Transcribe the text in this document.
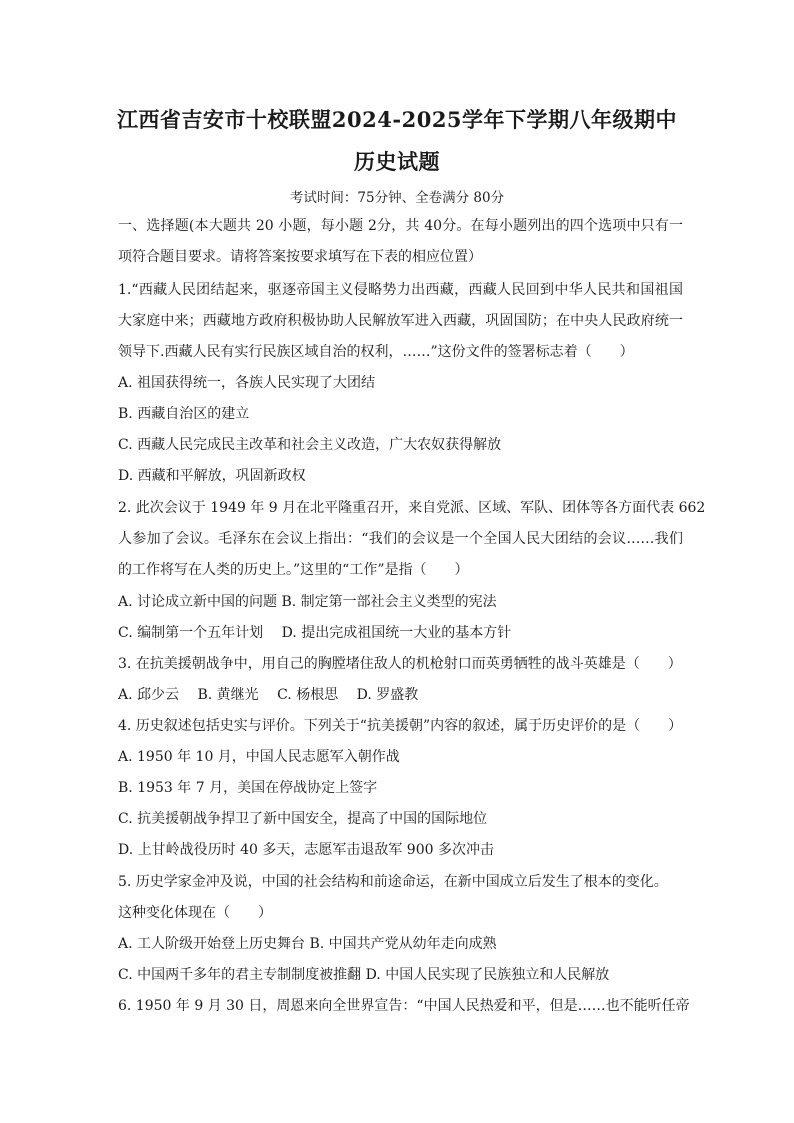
江西省吉安市十校联盟2024-2025学年下学期八年级期中
历史试题
考试时间：75分钟、全卷满分 80分
一、选择题(本大题共 20 小题，每小题 2分，共 40分。在每小题列出的四个选项中只有一
项符合题目要求。请将答案按要求填写在下表的相应位置）
1.“西藏人民团结起来，驱逐帝国主义侵略势力出西藏，西藏人民回到中华人民共和国祖国
大家庭中来；西藏地方政府积极协助人民解放军进入西藏，巩固国防；在中央人民政府统一
领导下.西藏人民有实行民族区域自治的权利，……”这份文件的签署标志着（　　）
A. 祖国获得统一，各族人民实现了大团结
B. 西藏自治区的建立
C. 西藏人民完成民主改革和社会主义改造，广大农奴获得解放
D. 西藏和平解放，巩固新政权
2. 此次会议于 1949 年 9 月在北平隆重召开，来自党派、区域、军队、团体等各方面代表 662
人参加了会议。毛泽东在会议上指出：“我们的会议是一个全国人民大团结的会议……我们
的工作将写在人类的历史上。”这里的“工作”是指（　　）
A. 讨论成立新中国的问题 B. 制定第一部社会主义类型的宪法
C. 编制第一个五年计划　 D. 提出完成祖国统一大业的基本方针
3. 在抗美援朝战争中，用自己的胸膛堵住敌人的机枪射口而英勇牺牲的战斗英雄是（　　）
A. 邱少云　 B. 黄继光　 C. 杨根思　 D. 罗盛教
4. 历史叙述包括史实与评价。下列关于“抗美援朝”内容的叙述，属于历史评价的是（　　）
A. 1950 年 10 月，中国人民志愿军入朝作战
B. 1953 年 7 月，美国在停战协定上签字
C. 抗美援朝战争捍卫了新中国安全，提高了中国的国际地位
D. 上甘岭战役历时 40 多天，志愿军击退敌军 900 多次冲击
5. 历史学家金冲及说，中国的社会结构和前途命运，在新中国成立后发生了根本的变化。
这种变化体现在（　　）
A. 工人阶级开始登上历史舞台 B. 中国共产党从幼年走向成熟
C. 中国两千多年的君主专制制度被推翻 D. 中国人民实现了民族独立和人民解放
6. 1950 年 9 月 30 日，周恩来向全世界宣告：“中国人民热爱和平，但是……也不能听任帝
